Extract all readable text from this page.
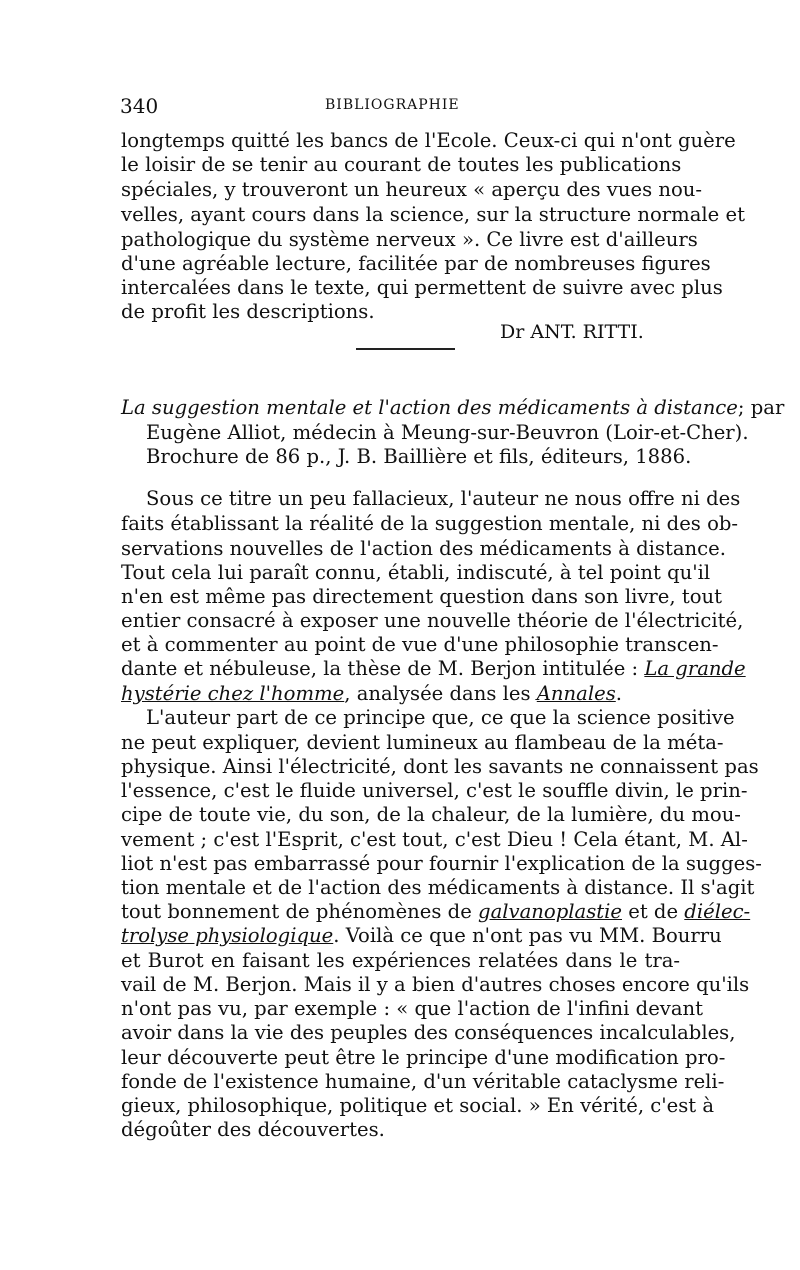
340	BIBLIOGRAPHIE
longtemps quitté les bancs de l'Ecole. Ceux-ci qui n'ont guère
le loisir de se tenir au courant de toutes les publications
spéciales, y trouveront un heureux « aperçu des vues nou-
velles, ayant cours dans la science, sur la structure normale et
pathologique du système nerveux ». Ce livre est d'ailleurs
d'une agréable lecture, facilitée par de nombreuses figures
intercalées dans le texte, qui permettent de suivre avec plus
de profit les descriptions.
Dr ANT. RITTI.
La suggestion mentale et l'action des médicaments à distance; par
Eugène Alliot, médecin à Meung-sur-Beuvron (Loir-et-Cher).
Brochure de 86 p., J. B. Baillière et fils, éditeurs, 1886.
Sous ce titre un peu fallacieux, l'auteur ne nous offre ni des
faits établissant la réalité de la suggestion mentale, ni des ob-
servations nouvelles de l'action des médicaments à distance.
Tout cela lui paraît connu, établi, indiscuté, à tel point qu'il
n'en est même pas directement question dans son livre, tout
entier consacré à exposer une nouvelle théorie de l'électricité,
et à commenter au point de vue d'une philosophie transcen-
dante et nébuleuse, la thèse de M. Berjon intitulée : La grande
hystérie chez l'homme, analysée dans les Annales.
L'auteur part de ce principe que, ce que la science positive
ne peut expliquer, devient lumineux au flambeau de la méta-
physique. Ainsi l'électricité, dont les savants ne connaissent pas
l'essence, c'est le fluide universel, c'est le souffle divin, le prin-
cipe de toute vie, du son, de la chaleur, de la lumière, du mou-
vement ; c'est l'Esprit, c'est tout, c'est Dieu ! Cela étant, M. Al-
liot n'est pas embarrassé pour fournir l'explication de la sugges-
tion mentale et de l'action des médicaments à distance. Il s'agit
tout bonnement de phénomènes de galvanoplastie et de diélec-
trolyse physiologique. Voilà ce que n'ont pas vu MM. Bourru
et Burot en faisant les expériences relatées dans le tra-
vail de M. Berjon. Mais il y a bien d'autres choses encore qu'ils
n'ont pas vu, par exemple : « que l'action de l'infini devant
avoir dans la vie des peuples des conséquences incalculables,
leur découverte peut être le principe d'une modification pro-
fonde de l'existence humaine, d'un véritable cataclysme reli-
gieux, philosophique, politique et social. » En vérité, c'est à
dégoûter des découvertes.
